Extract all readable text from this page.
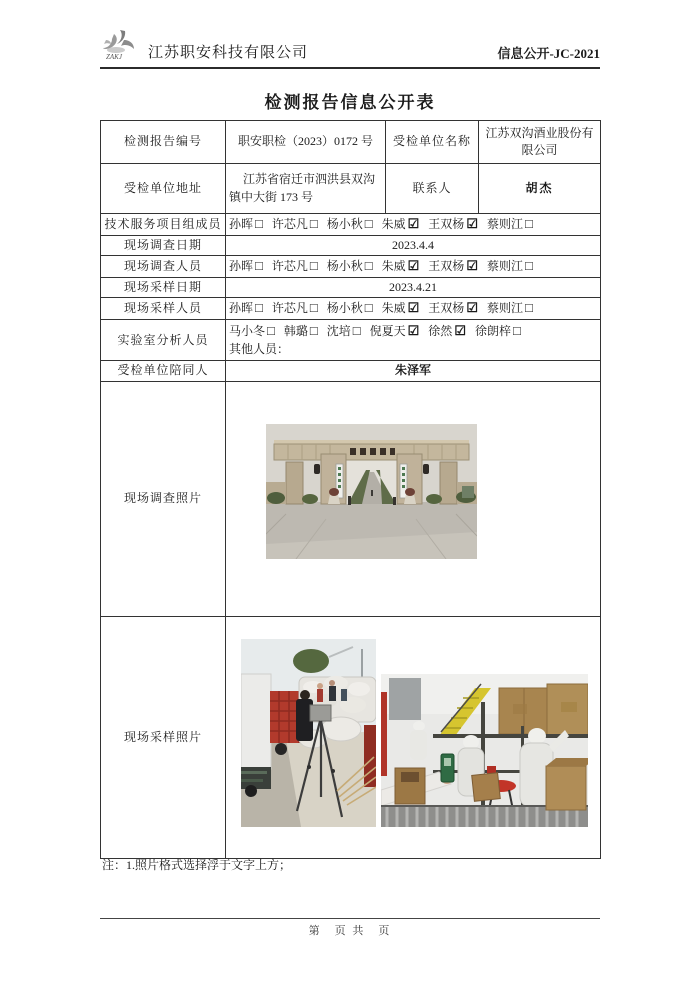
ZAKJ 江苏职安科技有限公司	信息公开-JC-2021
检测报告信息公开表
检测报告编号	职安职检（2023）0172 号	受检单位名称	江苏双沟酒业股份有限公司
受检单位地址	江苏省宿迁市泗洪县双沟镇中大街 173 号	联系人	胡杰
技术服务项目组成员	孙晖 □ 许芯凡 □ 杨小秋 □ 朱威 ☑ 王双杨 ☑ 蔡则江 □		
现场调查日期	2023.4.4		
现场调查人员	孙晖 □ 许芯凡 □ 杨小秋 □ 朱威 ☑ 王双杨 ☑ 蔡则江 □		
现场采样日期	2023.4.21		
现场采样人员	孙晖 □ 许芯凡 □ 杨小秋 □ 朱威 ☑ 王双杨 ☑ 蔡则江 □		
实验室分析人员	马小冬 □ 韩璐 □ 沈培 □ 倪夏天 ☑ 徐然 ☑ 徐朗梓 □
其他人员：		

受检单位陪同人	朱泽军		
现场调查照片	

现场采样照片	
注：1.照片格式选择浮于文字上方；
第　页 共　页
